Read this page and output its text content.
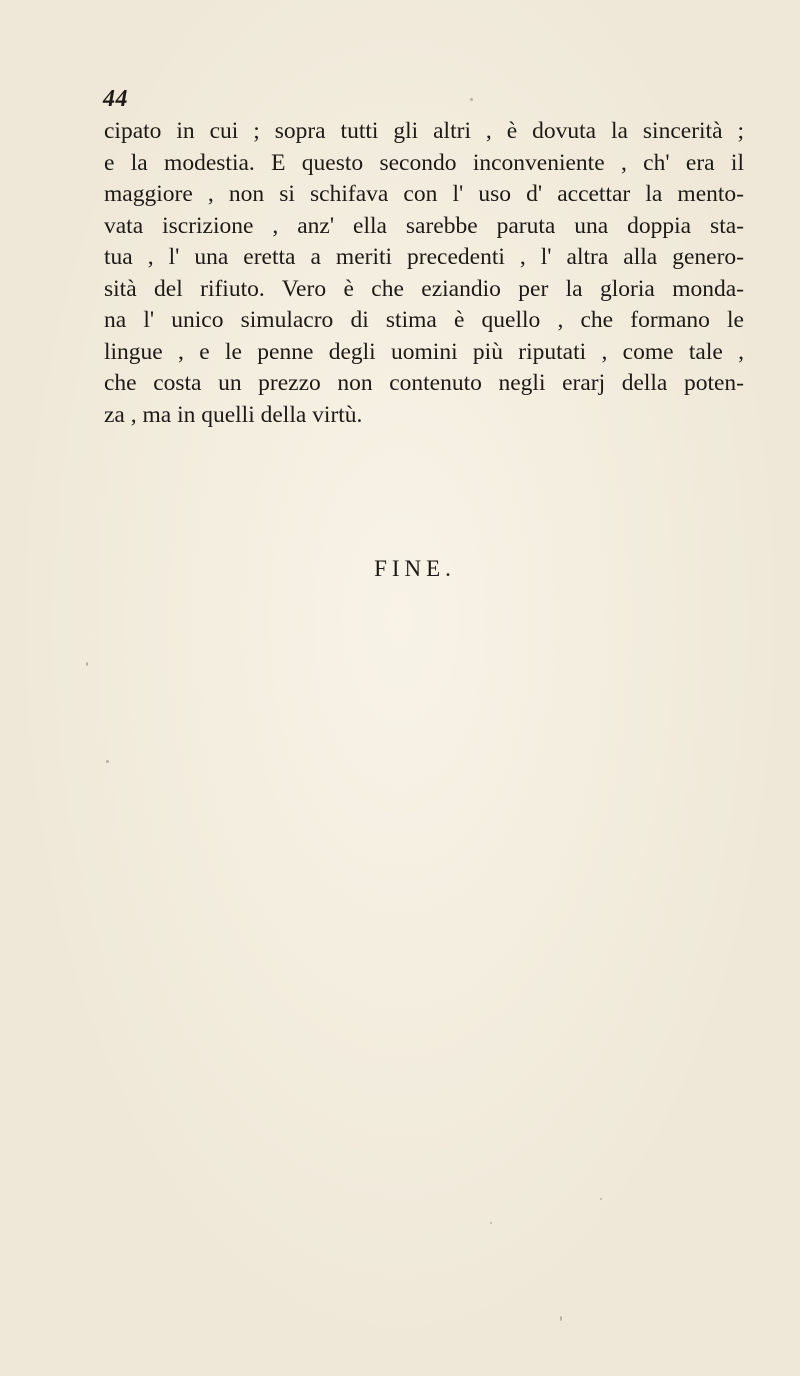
44
cipato in cui ; sopra tutti gli altri , è dovuta la sincerità ;
e la modestia. E questo secondo inconveniente , ch' era il
maggiore , non si schifava con l' uso d' accettar la mento-
vata iscrizione , anz' ella sarebbe paruta una doppia sta-
tua , l' una eretta a meriti precedenti , l' altra alla genero-
sità del rifiuto. Vero è che eziandio per la gloria monda-
na l' unico simulacro di stima è quello , che formano le
lingue , e le penne degli uomini più riputati , come tale ,
che costa un prezzo non contenuto negli erarj della poten-
za , ma in quelli della virtù.
FINE.
